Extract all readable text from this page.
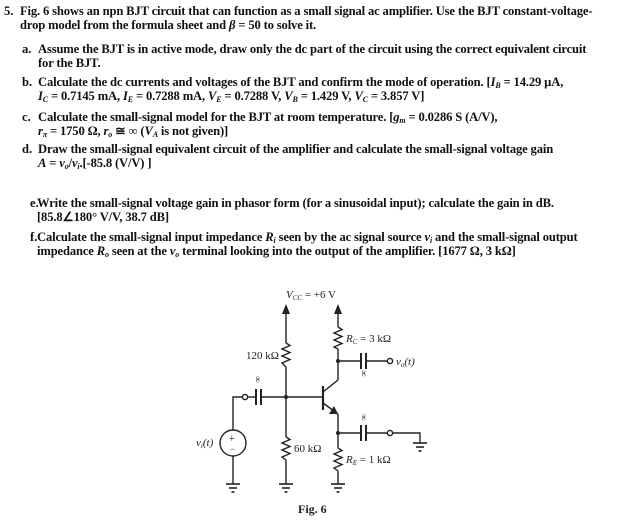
5. Fig. 6 shows an npn BJT circuit that can function as a small signal ac amplifier. Use the BJT constant-voltage-
drop model from the formula sheet and β = 50 to solve it.
a. Assume the BJT is in active mode, draw only the dc part of the circuit using the correct equivalent circuit
for the BJT.
b. Calculate the dc currents and voltages of the BJT and confirm the mode of operation. [$I_B = 14.29$ µA,
$I_C = 0.7145$ mA, $I_E = 0.7288$ mA, $V_E = 0.7288$ V, $V_B = 1.429$ V, $V_C = 3.857$ V]
c. Calculate the small-signal model for the BJT at room temperature. [$g_m = 0.0286$ S (A/V),
$r_\pi = 1750$ Ω, $r_o$ ≅ ∞ ($V_A$ is not given)]
d. Draw the small-signal equivalent circuit of the amplifier and calculate the small-signal voltage gain
$A = v_o/v_i.[-85.8$ (V/V) ]
e.
Write the small-signal voltage gain in phasor form (for a sinusoidal input); calculate the gain in dB.
[85.8∠180° V/V, 38.7 dB]
f. Calculate the small-signal input impedance $R_i$ seen by the ac signal source $v_i$ and the small-signal output
impedance $R_o$ seen at the $v_o$ terminal looking into the output of the amplifier. [1677 Ω, 3 kΩ]
VCC = +6 V
120 kΩ
60 kΩ
RC = 3 kΩ
RE = 1 kΩ
vo(t)
vi(t) +
−
∞
∞
∞
Fig. 6
